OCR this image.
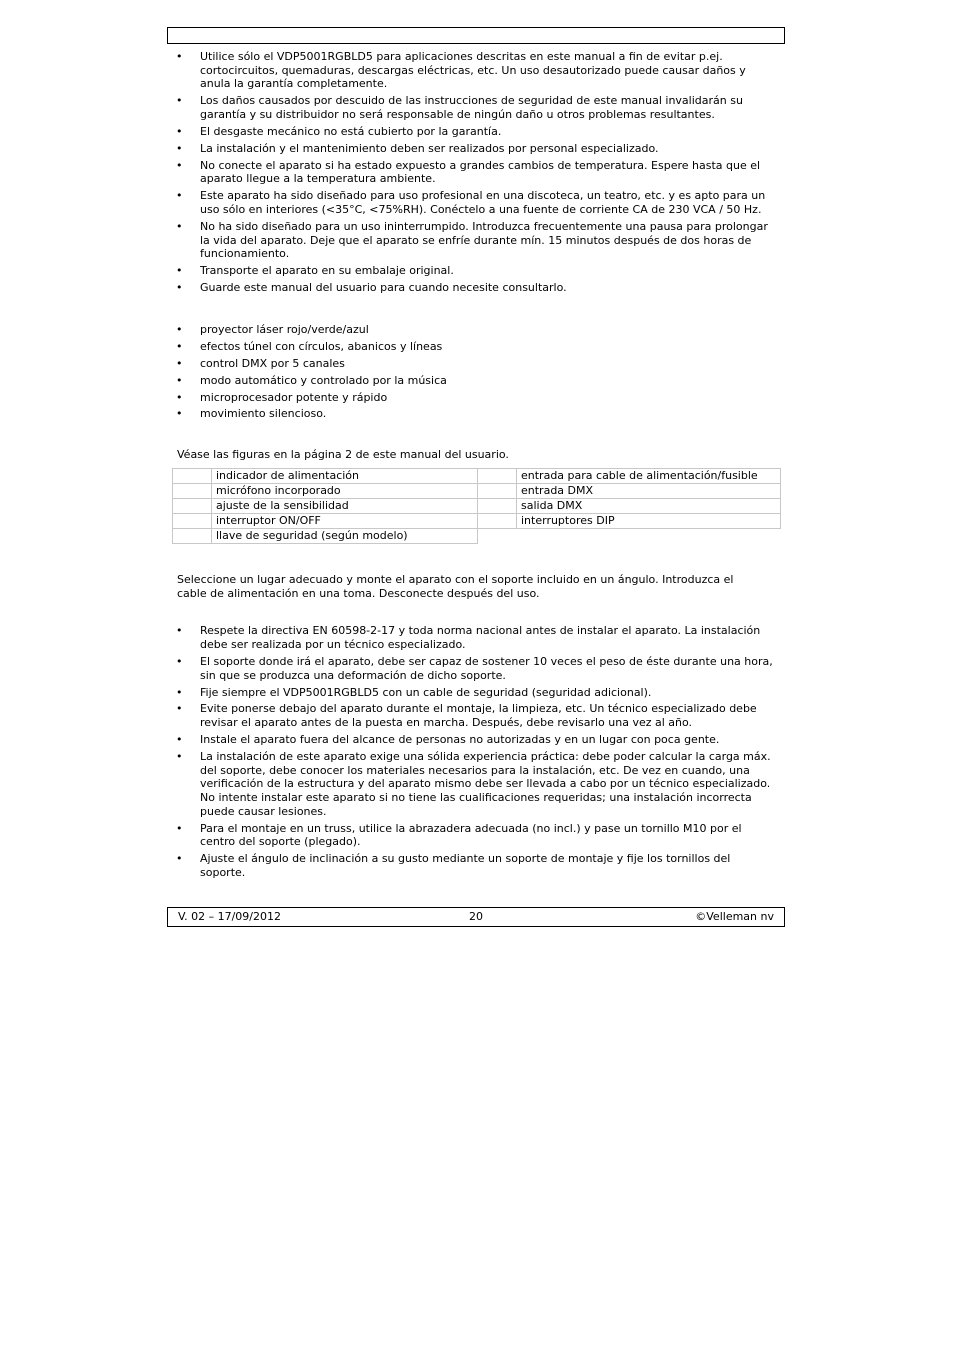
• Utilice sólo el VDP5001RGBLD5 para aplicaciones descritas en este manual a fin de evitar p.ej. cortocircuitos, quemaduras, descargas eléctricas, etc. Un uso desautorizado puede causar daños y anula la garantía completamente.
• Los daños causados por descuido de las instrucciones de seguridad de este manual invalidarán su garantía y su distribuidor no será responsable de ningún daño u otros problemas resultantes.
• El desgaste mecánico no está cubierto por la garantía.
• La instalación y el mantenimiento deben ser realizados por personal especializado.
• No conecte el aparato si ha estado expuesto a grandes cambios de temperatura. Espere hasta que el aparato llegue a la temperatura ambiente.
• Este aparato ha sido diseñado para uso profesional en una discoteca, un teatro, etc. y es apto para un uso sólo en interiores (<35°C, <75%RH). Conéctelo a una fuente de corriente CA de 230 VCA / 50 Hz.
• No ha sido diseñado para un uso ininterrumpido. Introduzca frecuentemente una pausa para prolongar la vida del aparato. Deje que el aparato se enfríe durante mín. 15 minutos después de dos horas de funcionamiento.
• Transporte el aparato en su embalaje original.
• Guarde este manual del usuario para cuando necesite consultarlo.
• proyector láser rojo/verde/azul
• efectos túnel con círculos, abanicos y líneas
• control DMX por 5 canales
• modo automático y controlado por la música
• microprocesador potente y rápido
• movimiento silencioso.

Véase las figuras en la página 2 de este manual del usuario.

	indicador de alimentación		entrada para cable de alimentación/fusible
	micrófono incorporado		entrada DMX
	ajuste de la sensibilidad		salida DMX
	interruptor ON/OFF		interruptores DIP
	llave de seguridad (según modelo)		

Seleccione un lugar adecuado y monte el aparato con el soporte incluido en un ángulo. Introduzca el cable de alimentación en una toma. Desconecte después del uso.

• Respete la directiva EN 60598-2-17 y toda norma nacional antes de instalar el aparato. La instalación debe ser realizada por un técnico especializado.
• El soporte donde irá el aparato, debe ser capaz de sostener 10 veces el peso de éste durante una hora, sin que se produzca una deformación de dicho soporte.
• Fije siempre el VDP5001RGBLD5 con un cable de seguridad (seguridad adicional).
• Evite ponerse debajo del aparato durante el montaje, la limpieza, etc. Un técnico especializado debe revisar el aparato antes de la puesta en marcha. Después, debe revisarlo una vez al año.
• Instale el aparato fuera del alcance de personas no autorizadas y en un lugar con poca gente.
• La instalación de este aparato exige una sólida experiencia práctica: debe poder calcular la carga máx. del soporte, debe conocer los materiales necesarios para la instalación, etc. De vez en cuando, una verificación de la estructura y del aparato mismo debe ser llevada a cabo por un técnico especializado. No intente instalar este aparato si no tiene las cualificaciones requeridas; una instalación incorrecta puede causar lesiones.
• Para el montaje en un truss, utilice la abrazadera adecuada (no incl.) y pase un tornillo M10 por el centro del soporte (plegado).
• Ajuste el ángulo de inclinación a su gusto mediante un soporte de montaje y fije los tornillos del soporte.
V. 02 – 17/09/2012	20	©Velleman nv
